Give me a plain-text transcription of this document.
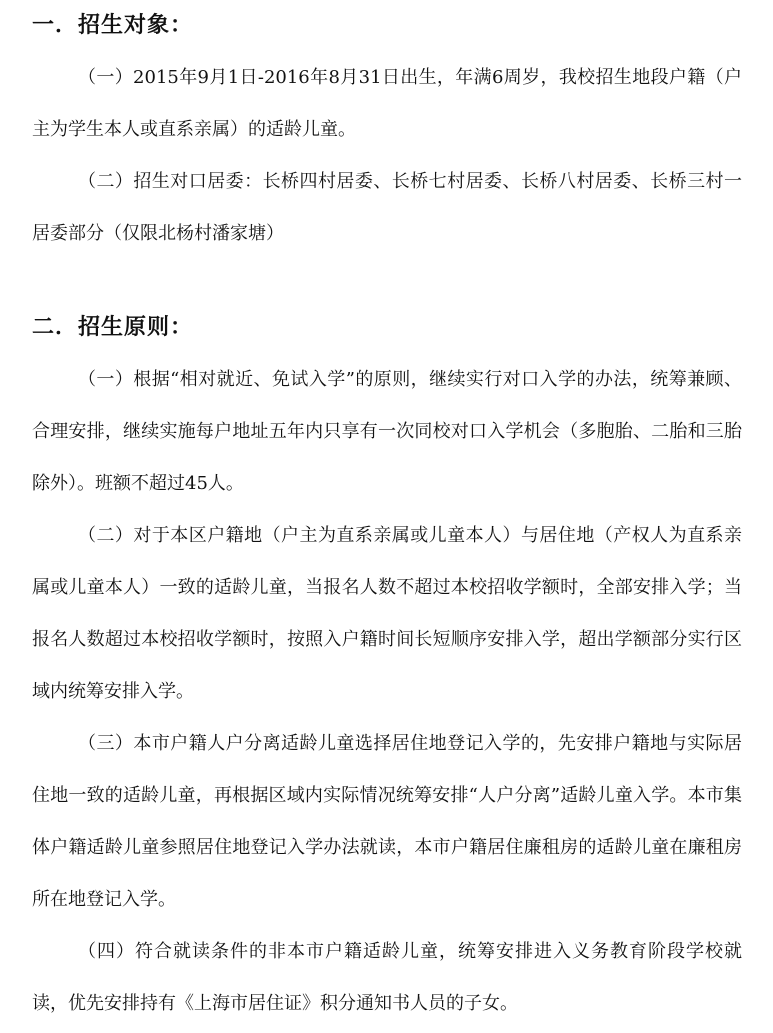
一．招生对象：

（一）2015年9月1日-2016年8月31日出生，年满6周岁，我校招生地段户籍（户主为学生本人或直系亲属）的适龄儿童。

（二）招生对口居委：长桥四村居委、长桥七村居委、长桥八村居委、长桥三村一居委部分（仅限北杨村潘家塘）

二．招生原则：

（一）根据“相对就近、免试入学”的原则，继续实行对口入学的办法，统筹兼顾、合理安排，继续实施每户地址五年内只享有一次同校对口入学机会（多胞胎、二胎和三胎除外）。班额不超过45人。

（二）对于本区户籍地（户主为直系亲属或儿童本人）与居住地（产权人为直系亲属或儿童本人）一致的适龄儿童，当报名人数不超过本校招收学额时，全部安排入学；当报名人数超过本校招收学额时，按照入户籍时间长短顺序安排入学，超出学额部分实行区域内统筹安排入学。

（三）本市户籍人户分离适龄儿童选择居住地登记入学的，先安排户籍地与实际居住地一致的适龄儿童，再根据区域内实际情况统筹安排“人户分离”适龄儿童入学。本市集体户籍适龄儿童参照居住地登记入学办法就读，本市户籍居住廉租房的适龄儿童在廉租房所在地登记入学。

（四）符合就读条件的非本市户籍适龄儿童，统筹安排进入义务教育阶段学校就读，优先安排持有《上海市居住证》积分通知书人员的子女。
